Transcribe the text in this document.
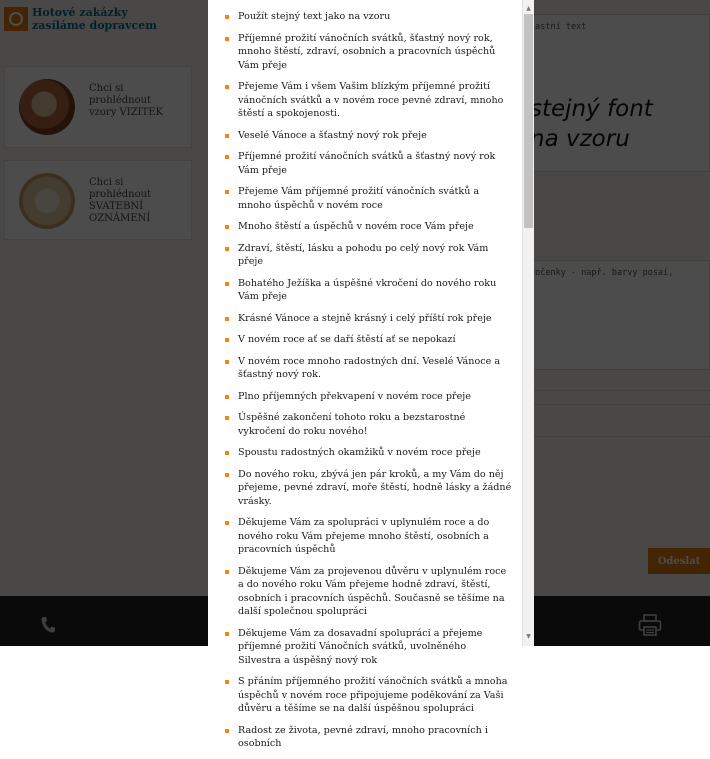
Použít stejný text jako na vzoru
Příjemné prožití vánočních svátků, šťastný nový rok, mnoho štěstí, zdraví, osobních a pracovních úspěchů Vám přeje
Přejeme Vám i všem Vašim blízkým příjemné prožití vánočních svátků a v novém roce pevné zdraví, mnoho štěstí a spokojenosti.
Veselé Vánoce a šťastný nový rok přeje
Příjemné prožití vánočních svátků a šťastný nový rok Vám přeje
Přejeme Vám příjemné prožití vánočních svátků a mnoho úspěchů v novém roce
Mnoho štěstí a úspěchů v novém roce Vám přeje
Zdraví, štěstí, lásku a pohodu po celý nový rok Vám přeje
Bohatého Ježíška a úspěšné vkročení do nového roku Vám přeje
Krásné Vánoce a stejně krásný i celý příští rok přeje
V novém roce ať se daří štěstí ať se nepokazí
V novém roce mnoho radostných dní. Veselé Vánoce a šťastný nový rok.
Plno příjemných překvapení v novém roce přeje
Úspěšné zakončení tohoto roku a bezstarostné vykročení do roku nového!
Spoustu radostných okamžiků v novém roce přeje
Do nového roku, zbývá jen pár kroků, a my Vám do něj přejeme, pevné zdraví, moře štěstí, hodně lásky a žádné vrásky.
Děkujeme Vám za spolupráci v uplynulém roce a do nového roku Vám přejeme mnoho štěstí, osobních a pracovních úspěchů
Děkujeme Vám za projevenou důvěru v uplynulém roce a do nového roku Vám přejeme hodně zdraví, štěstí, osobních i pracovních úspěchů. Současně se těšíme na další společnou spolupráci
Děkujeme Vám za dosavadní spolupráci a přejeme příjemné prožití Vánočních svátků, uvolněného Silvestra a úspěšný nový rok
S přáním příjemného prožití vánočních svátků a mnoha úspěchů v novém roce připojujeme poděkování za Vaši důvěru a těšíme se na další úspěšnou spolupráci
Radost ze života, pevné zdraví, mnoho pracovních i osobních
▲
▼
